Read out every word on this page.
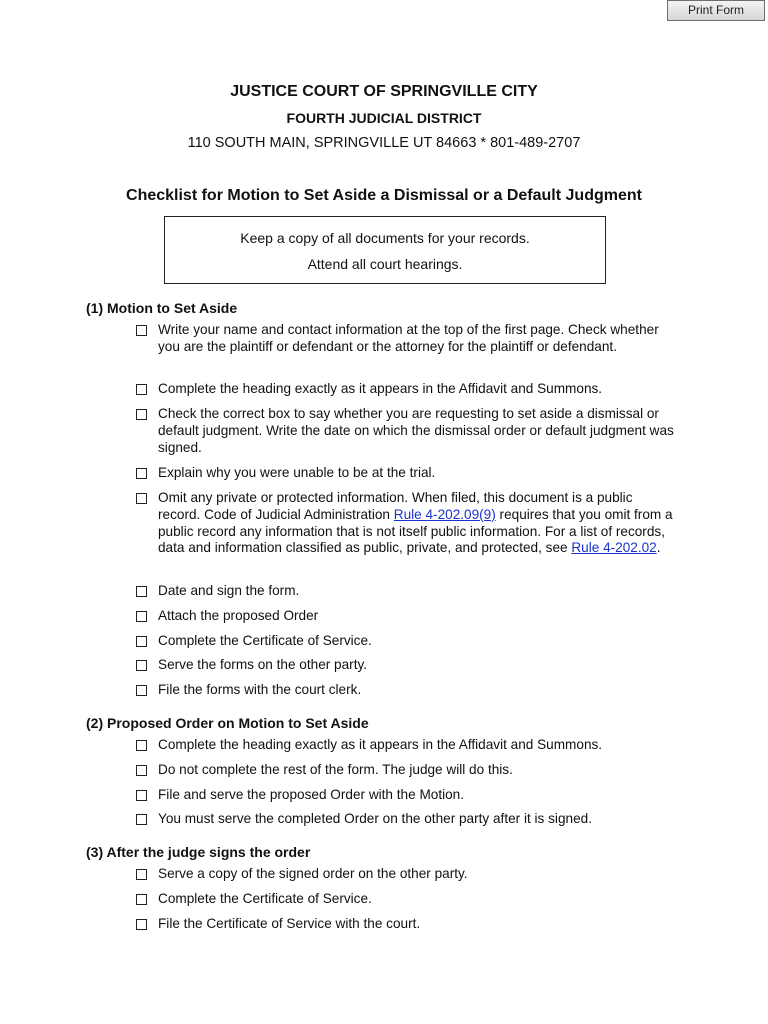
Print Form
JUSTICE COURT OF SPRINGVILLE CITY
FOURTH JUDICIAL DISTRICT
110 SOUTH MAIN, SPRINGVILLE UT 84663 * 801-489-2707
Checklist for Motion to Set Aside a Dismissal or a Default Judgment
Keep a copy of all documents for your records.
Attend all court hearings.
(1) Motion to Set Aside
Write your name and contact information at the top of the first page. Check whether you are the plaintiff or defendant or the attorney for the plaintiff or defendant.
Complete the heading exactly as it appears in the Affidavit and Summons.
Check the correct box to say whether you are requesting to set aside a dismissal or default judgment. Write the date on which the dismissal order or default judgment was signed.
Explain why you were unable to be at the trial.
Omit any private or protected information. When filed, this document is a public record. Code of Judicial Administration Rule 4-202.09(9) requires that you omit from a public record any information that is not itself public information. For a list of records, data and information classified as public, private, and protected, see Rule 4-202.02.
Date and sign the form.
Attach the proposed Order
Complete the Certificate of Service.
Serve the forms on the other party.
File the forms with the court clerk.
(2) Proposed Order on Motion to Set Aside
Complete the heading exactly as it appears in the Affidavit and Summons.
Do not complete the rest of the form. The judge will do this.
File and serve the proposed Order with the Motion.
You must serve the completed Order on the other party after it is signed.
(3) After the judge signs the order
Serve a copy of the signed order on the other party.
Complete the Certificate of Service.
File the Certificate of Service with the court.
